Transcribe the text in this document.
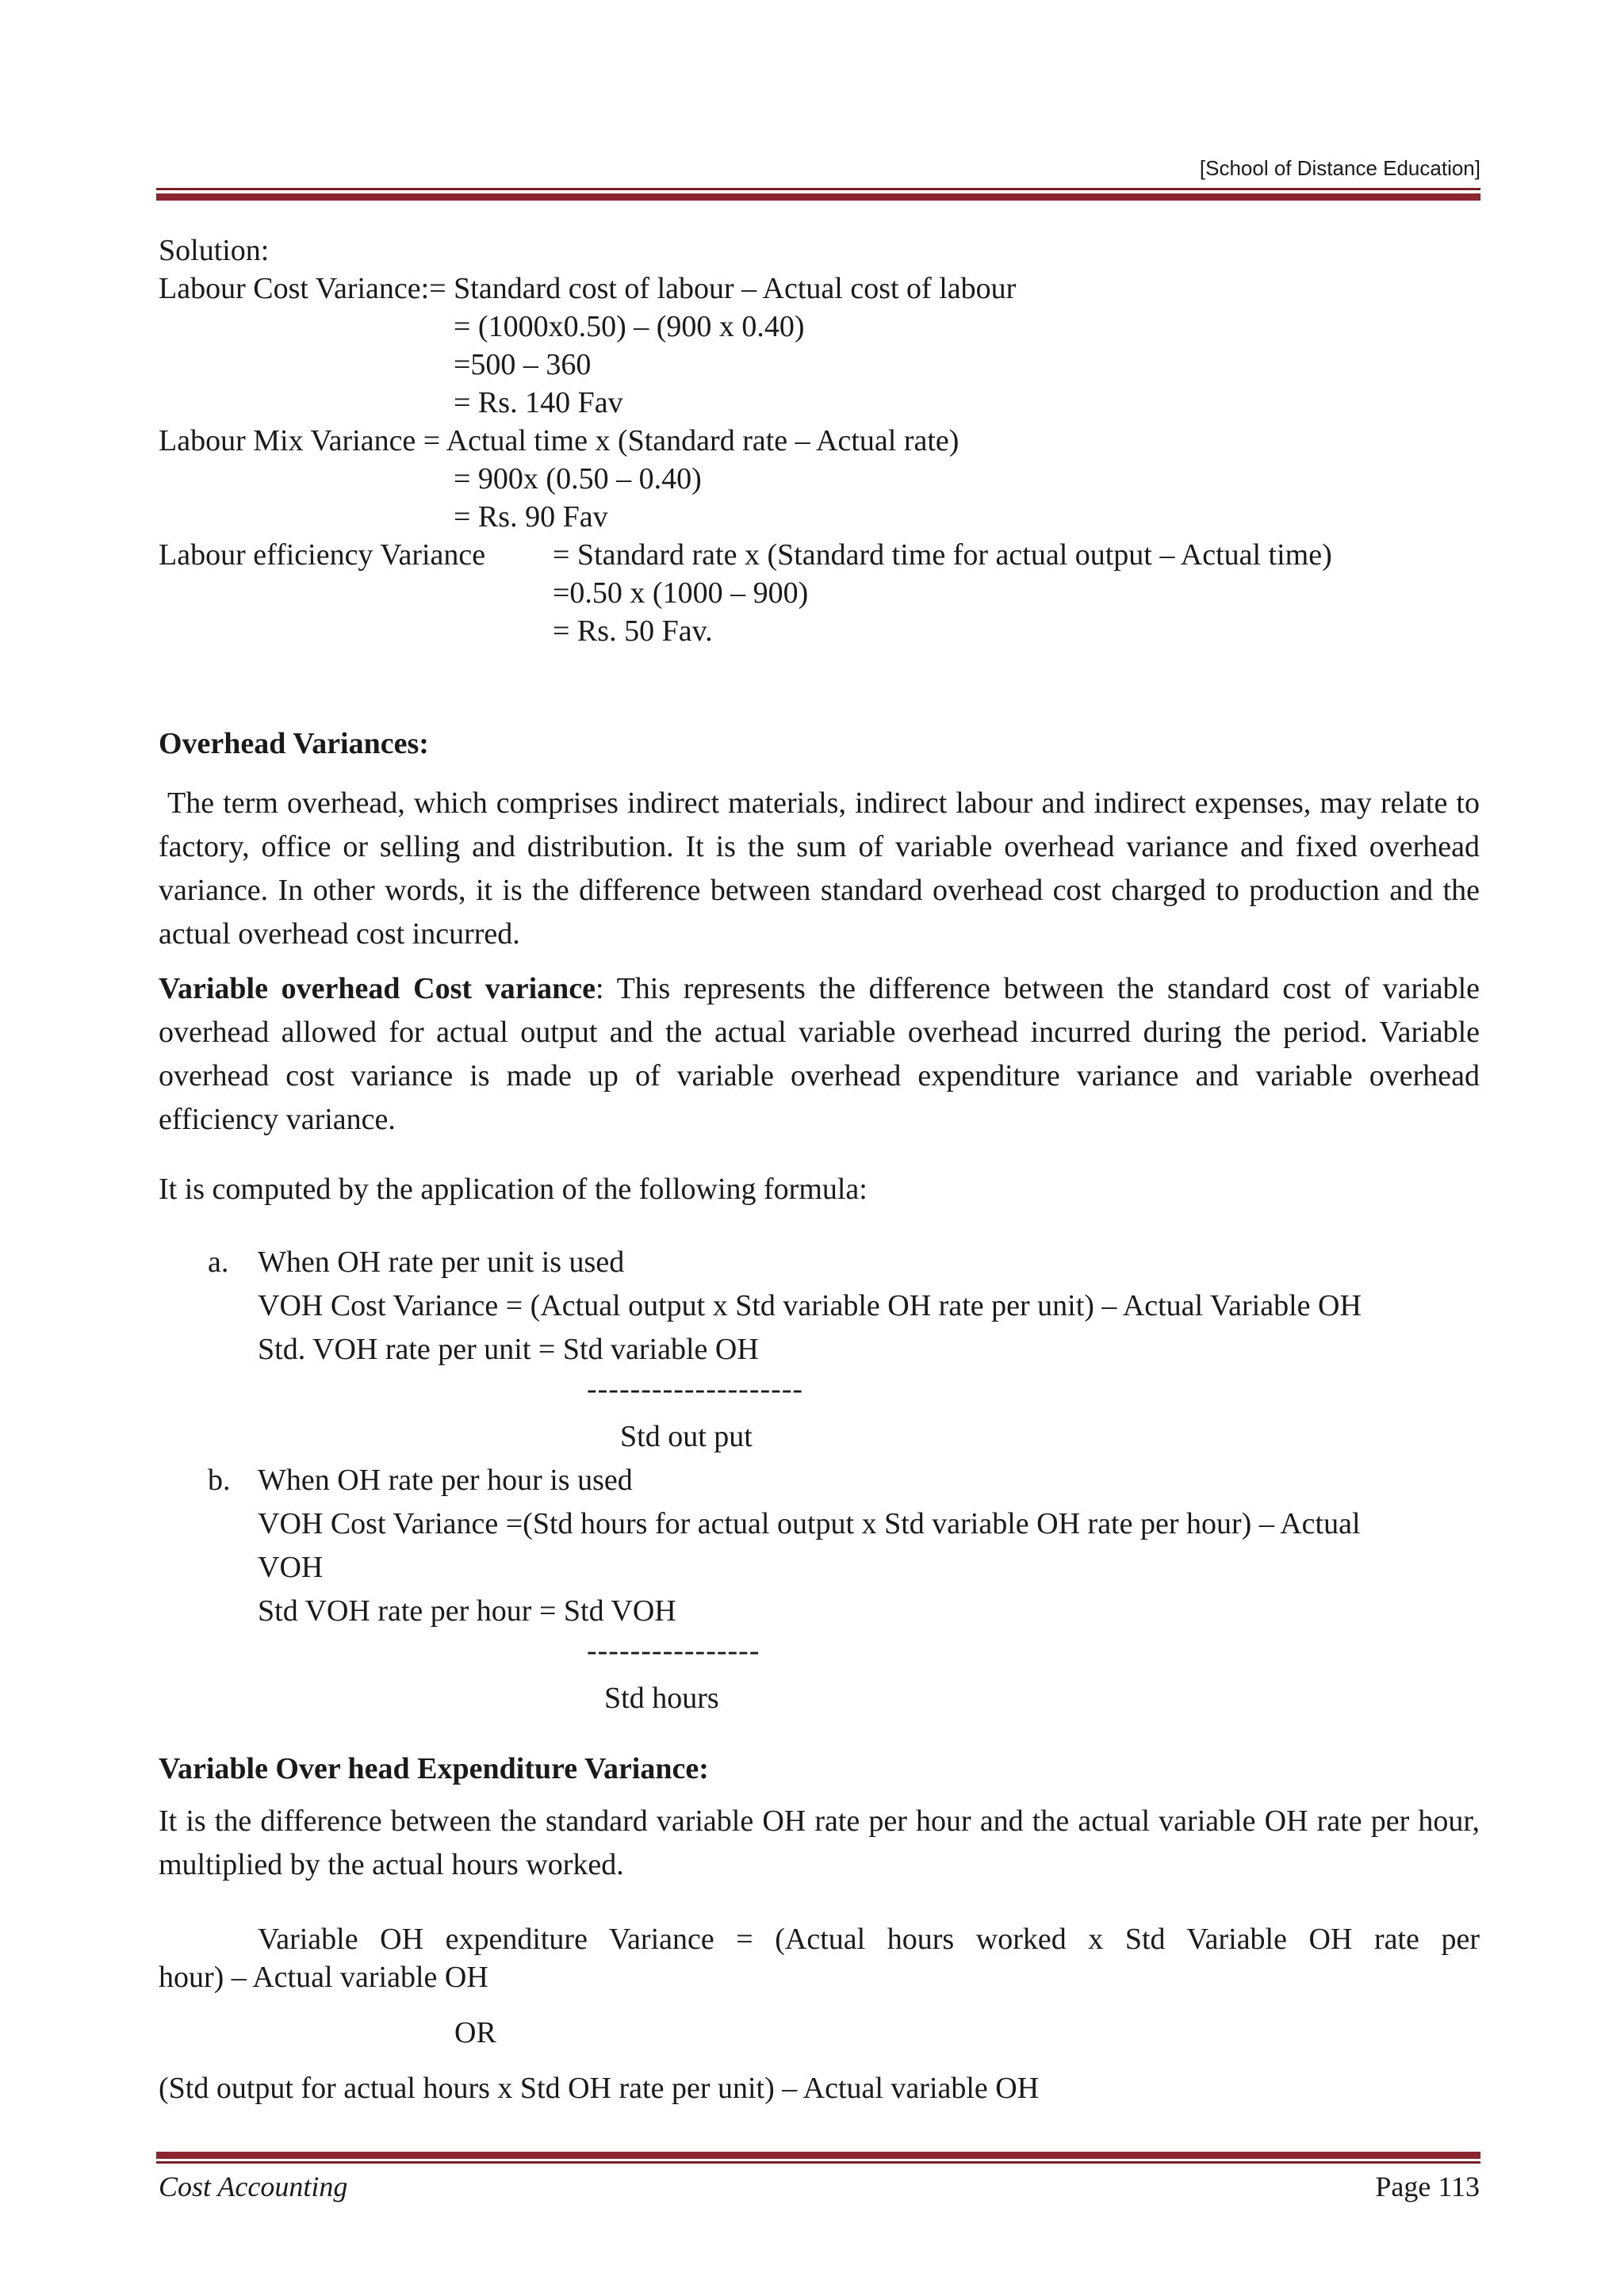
[School of Distance Education]
Solution:
Labour Cost Variance:= Standard cost of labour – Actual cost of labour
= (1000x0.50) – (900 x 0.40)
=500 – 360
= Rs. 140 Fav
Labour Mix Variance = Actual time x (Standard rate – Actual rate)
= 900x (0.50 – 0.40)
= Rs. 90 Fav
Labour efficiency Variance = Standard rate x (Standard time for actual output – Actual time)
=0.50 x (1000 – 900)
= Rs. 50 Fav.
Overhead Variances:
The term overhead, which comprises indirect materials, indirect labour and indirect expenses, may relate to factory, office or selling and distribution. It is the sum of variable overhead variance and fixed overhead variance. In other words, it is the difference between standard overhead cost charged to production and the actual overhead cost incurred.
Variable overhead Cost variance: This represents the difference between the standard cost of variable overhead allowed for actual output and the actual variable overhead incurred during the period. Variable overhead cost variance is made up of variable overhead expenditure variance and variable overhead efficiency variance.
It is computed by the application of the following formula:
a. When OH rate per unit is used
VOH Cost Variance = (Actual output x Std variable OH rate per unit) – Actual Variable OH
Std. VOH rate per unit = Std variable OH
--------------------
Std out put
b. When OH rate per hour is used
VOH Cost Variance =(Std hours for actual output x Std variable OH rate per hour) – Actual
VOH
Std VOH rate per hour = Std VOH
----------------
Std hours
Variable Over head Expenditure Variance:
It is the difference between the standard variable OH rate per hour and the actual variable OH rate per hour, multiplied by the actual hours worked.
Variable OH expenditure Variance = (Actual hours worked x Std Variable OH rate per
hour) – Actual variable OH
OR
(Std output for actual hours x Std OH rate per unit) – Actual variable OH
Cost Accounting	Page 113
